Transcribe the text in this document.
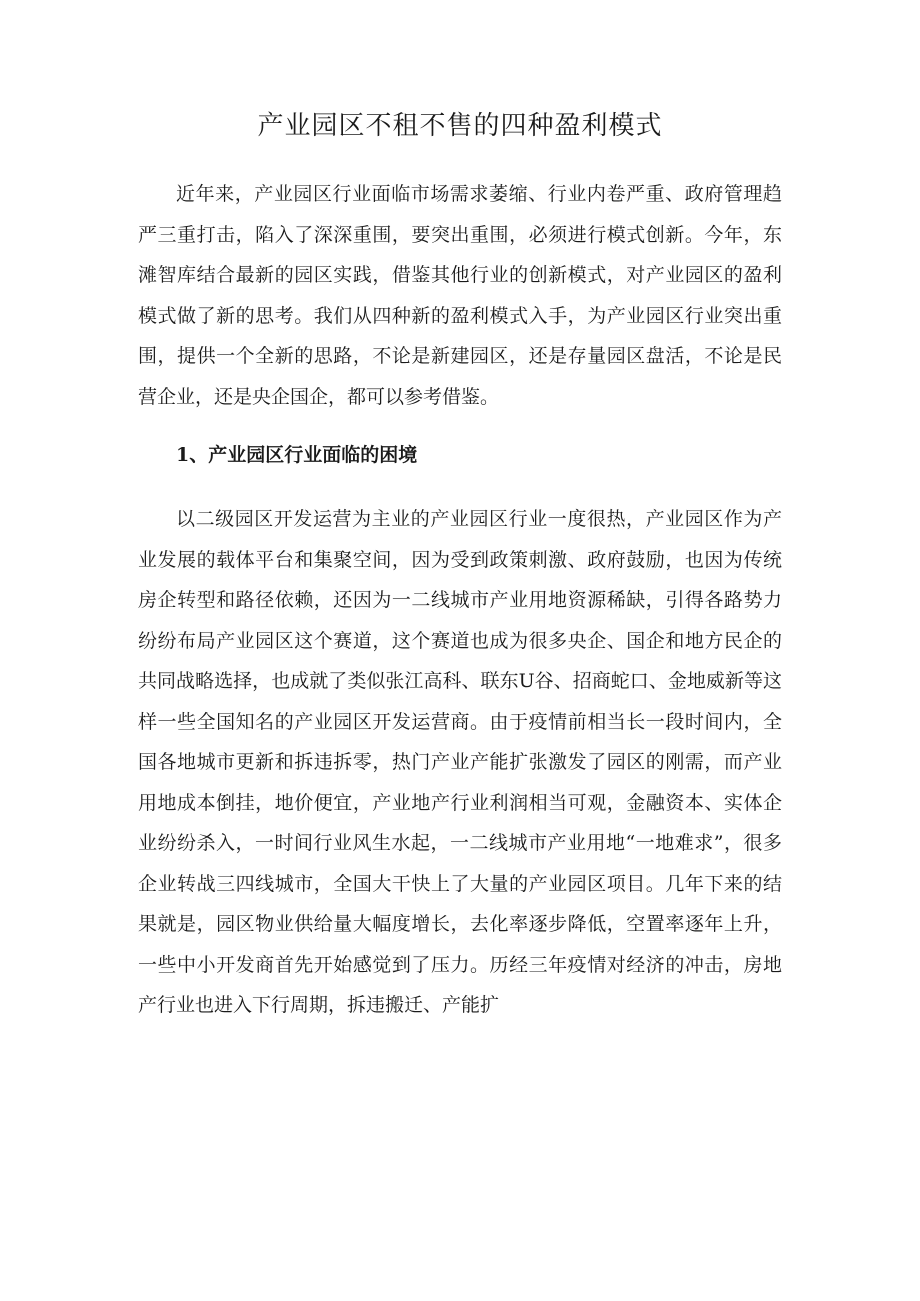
产业园区不租不售的四种盈利模式

近年来，产业园区行业面临市场需求萎缩、行业内卷严重、政府管理趋严三重打击，陷入了深深重围，要突出重围，必须进行模式创新。今年，东滩智库结合最新的园区实践，借鉴其他行业的创新模式，对产业园区的盈利模式做了新的思考。我们从四种新的盈利模式入手，为产业园区行业突出重围，提供一个全新的思路，不论是新建园区，还是存量园区盘活，不论是民营企业，还是央企国企，都可以参考借鉴。

1、产业园区行业面临的困境

以二级园区开发运营为主业的产业园区行业一度很热，产业园区作为产业发展的载体平台和集聚空间，因为受到政策刺激、政府鼓励，也因为传统房企转型和路径依赖，还因为一二线城市产业用地资源稀缺，引得各路势力纷纷布局产业园区这个赛道，这个赛道也成为很多央企、国企和地方民企的共同战略选择，也成就了类似张江高科、联东U谷、招商蛇口、金地威新等这样一些全国知名的产业园区开发运营商。由于疫情前相当长一段时间内，全国各地城市更新和拆违拆零，热门产业产能扩张激发了园区的刚需，而产业用地成本倒挂，地价便宜，产业地产行业利润相当可观，金融资本、实体企业纷纷杀入，一时间行业风生水起，一二线城市产业用地“一地难求”，很多企业转战三四线城市，全国大干快上了大量的产业园区项目。几年下来的结果就是，园区物业供给量大幅度增长，去化率逐步降低，空置率逐年上升，一些中小开发商首先开始感觉到了压力。历经三年疫情对经济的冲击，房地产行业也进入下行周期，拆违搬迁、产能扩
